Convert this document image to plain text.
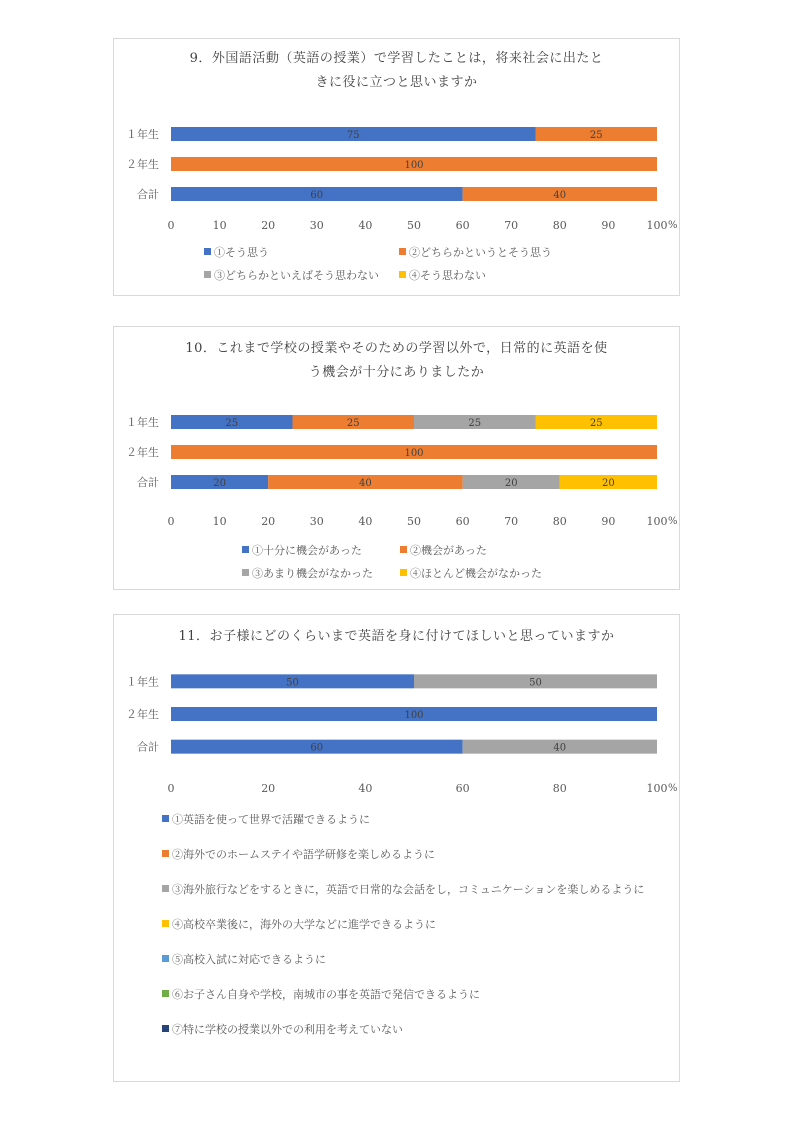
9．外国語活動（英語の授業）で学習したことは，将来社会に出たと
きに役に立つと思いますか
１年生	75	25
２年生	100
合計	60	40
0	10	20	30	40	50	60	70	80	90	100 %
①そう思う	②どちらかというとそう思う
③どちらかといえばそう思わない	④そう思わない
10．これまで学校の授業やそのための学習以外で，日常的に英語を使
う機会が十分にありましたか
１年生	25	25	25	25
２年生	100
合計	20	40	20	20
0	10	20	30	40	50	60	70	80	90	100 %
①十分に機会があった	②機会があった
③あまり機会がなかった	④ほとんど機会がなかった
11．お子様にどのくらいまで英語を身に付けてほしいと思っていますか
１年生	50	50
２年生	100
合計	60	40
0	20	40	60	80	100 %
①英語を使って世界で活躍できるように
②海外でのホームステイや語学研修を楽しめるように
③海外旅行などをするときに，英語で日常的な会話をし，コミュニケーションを楽しめるように
④高校卒業後に，海外の大学などに進学できるように
⑤高校入試に対応できるように
⑥お子さん自身や学校，南城市の事を英語で発信できるように
⑦特に学校の授業以外での利用を考えていない
